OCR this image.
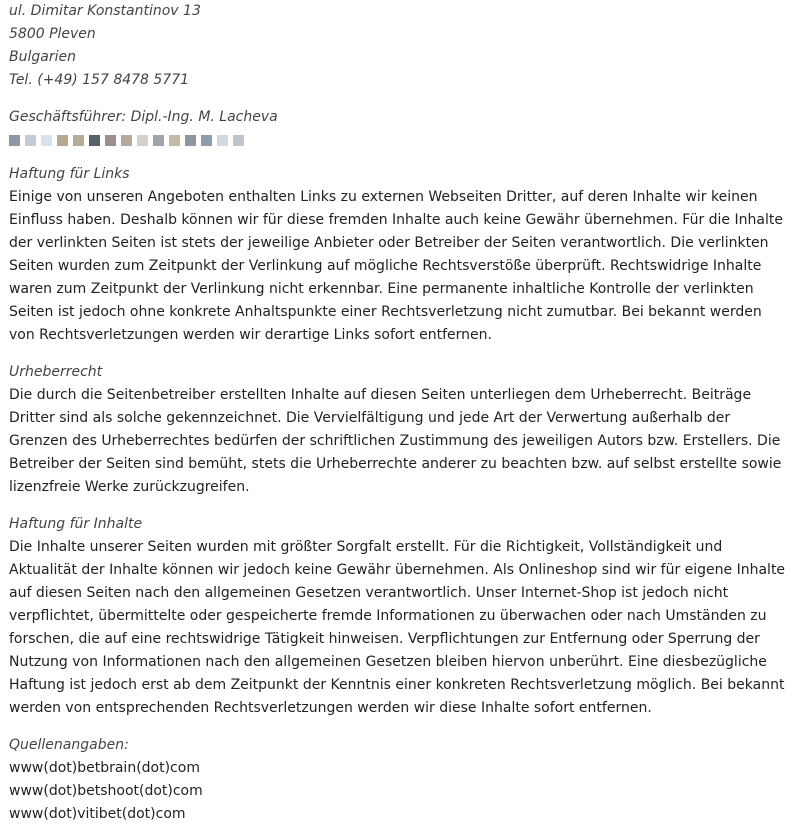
ul. Dimitar Konstantinov 13
5800 Pleven
Bulgarien
Tel. (+49) 157 8478 5771
Geschäftsführer: Dipl.-Ing. M. Lacheva
Haftung für Links

Einige von unseren Angeboten enthalten Links zu externen Webseiten Dritter, auf deren Inhalte wir keinen Einfluss haben. Deshalb können wir für diese fremden Inhalte auch keine Gewähr übernehmen. Für die Inhalte der verlinkten Seiten ist stets der jeweilige Anbieter oder Betreiber der Seiten verantwortlich. Die verlinkten Seiten wurden zum Zeitpunkt der Verlinkung auf mögliche Rechtsverstöße überprüft. Rechtswidrige Inhalte waren zum Zeitpunkt der Verlinkung nicht erkennbar. Eine permanente inhaltliche Kontrolle der verlinkten Seiten ist jedoch ohne konkrete Anhaltspunkte einer Rechtsverletzung nicht zumutbar. Bei bekannt werden von Rechtsverletzungen werden wir derartige Links sofort entfernen.

Urheberrecht

Die durch die Seitenbetreiber erstellten Inhalte auf diesen Seiten unterliegen dem Urheberrecht. Beiträge Dritter sind als solche gekennzeichnet. Die Vervielfältigung und jede Art der Verwertung außerhalb der Grenzen des Urheberrechtes bedürfen der schriftlichen Zustimmung des jeweiligen Autors bzw. Erstellers. Die Betreiber der Seiten sind bemüht, stets die Urheberrechte anderer zu beachten bzw. auf selbst erstellte sowie lizenzfreie Werke zurückzugreifen.

Haftung für Inhalte

Die Inhalte unserer Seiten wurden mit größter Sorgfalt erstellt. Für die Richtigkeit, Vollständigkeit und Aktualität der Inhalte können wir jedoch keine Gewähr übernehmen. Als Onlineshop sind wir für eigene Inhalte auf diesen Seiten nach den allgemeinen Gesetzen verantwortlich. Unser Internet-Shop ist jedoch nicht verpflichtet, übermittelte oder gespeicherte fremde Informationen zu überwachen oder nach Umständen zu forschen, die auf eine rechtswidrige Tätigkeit hinweisen. Verpflichtungen zur Entfernung oder Sperrung der Nutzung von Informationen nach den allgemeinen Gesetzen bleiben hiervon unberührt. Eine diesbezügliche Haftung ist jedoch erst ab dem Zeitpunkt der Kenntnis einer konkreten Rechtsverletzung möglich. Bei bekannt werden von entsprechenden Rechtsverletzungen werden wir diese Inhalte sofort entfernen.

Quellenangaben:
www(dot)betbrain(dot)com
www(dot)betshoot(dot)com
www(dot)vitibet(dot)com
